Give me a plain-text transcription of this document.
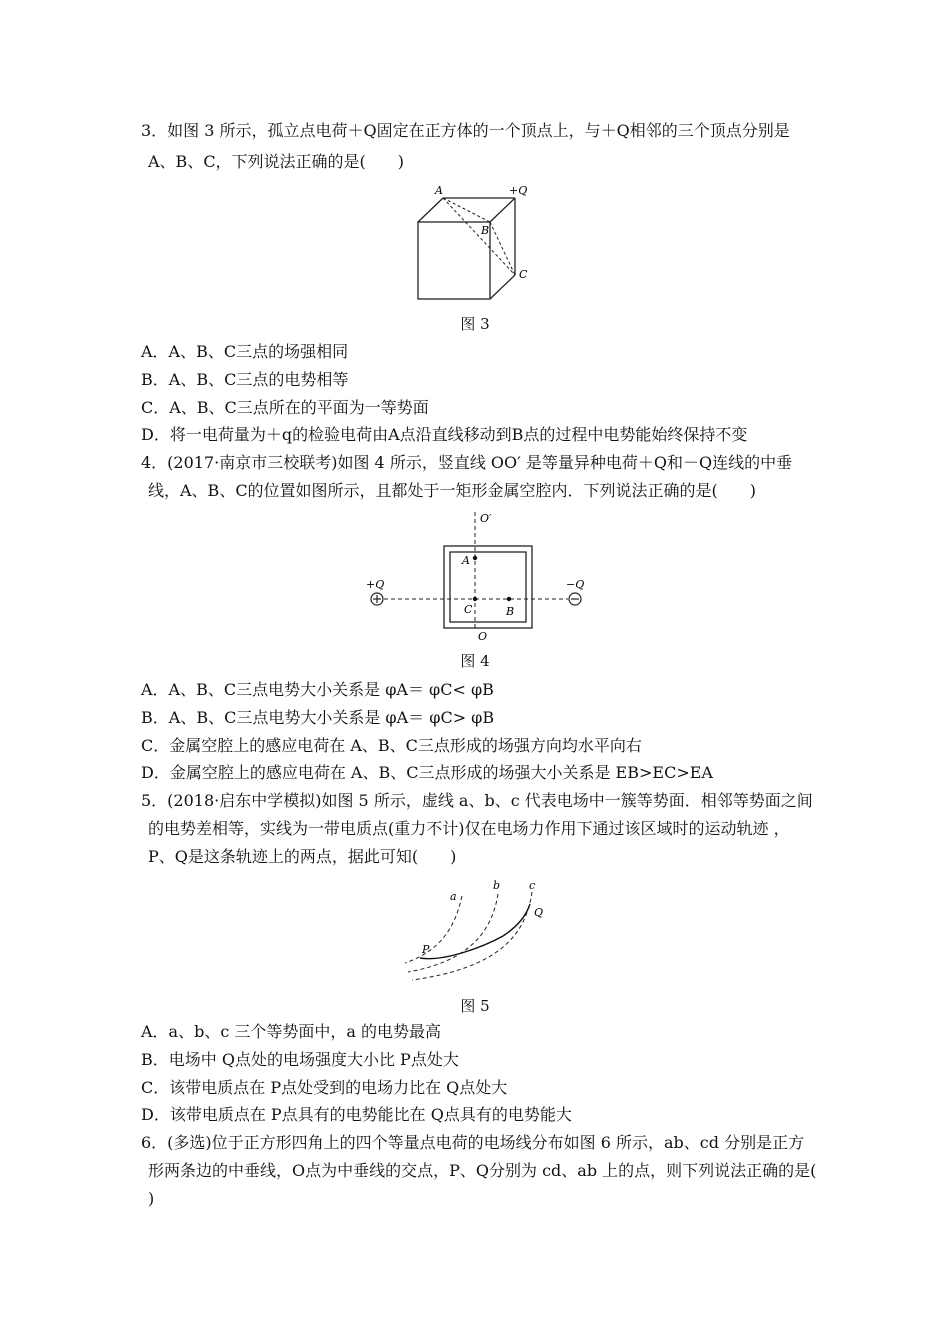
3．如图 3 所示，孤立点电荷＋Q固定在正方体的一个顶点上，与＋Q相邻的三个顶点分别是
A、B、C，下列说法正确的是(　　)
A	+Q
B
C
图 3
A．A、B、C三点的场强相同
B．A、B、C三点的电势相等
C．A、B、C三点所在的平面为一等势面
D．将一电荷量为＋q的检验电荷由A点沿直线移动到B点的过程中电势能始终保持不变
4．(2017·南京市三校联考)如图 4 所示，竖直线 OO′ 是等量异种电荷＋Q和－Q连线的中垂
线，A、B、C的位置如图所示，且都处于一矩形金属空腔内．下列说法正确的是(　　)
O′
O
A
C	B
+Q	−Q
图 4
A．A、B、C三点电势大小关系是 φA＝ φC< φB
B．A、B、C三点电势大小关系是 φA＝ φC> φB
C．金属空腔上的感应电荷在 A、B、C三点形成的场强方向均水平向右
D．金属空腔上的感应电荷在 A、B、C三点形成的场强大小关系是 EB>EC>EA
5．(2018·启东中学模拟)如图 5 所示，虚线 a、b、c 代表电场中一簇等势面．相邻等势面之间
的电势差相等，实线为一带电质点(重力不计)仅在电场力作用下通过该区域时的运动轨迹 ，
P、Q是这条轨迹上的两点，据此可知(　　)
a
b	c
P
Q
图 5
A．a、b、c 三个等势面中，a 的电势最高
B．电场中 Q点处的电场强度大小比 P点处大
C．该带电质点在 P点处受到的电场力比在 Q点处大
D．该带电质点在 P点具有的电势能比在 Q点具有的电势能大
6．(多选)位于正方形四角上的四个等量点电荷的电场线分布如图 6 所示，ab、cd 分别是正方
形两条边的中垂线，O点为中垂线的交点，P、Q分别为 cd、ab 上的点，则下列说法正确的是(
)
